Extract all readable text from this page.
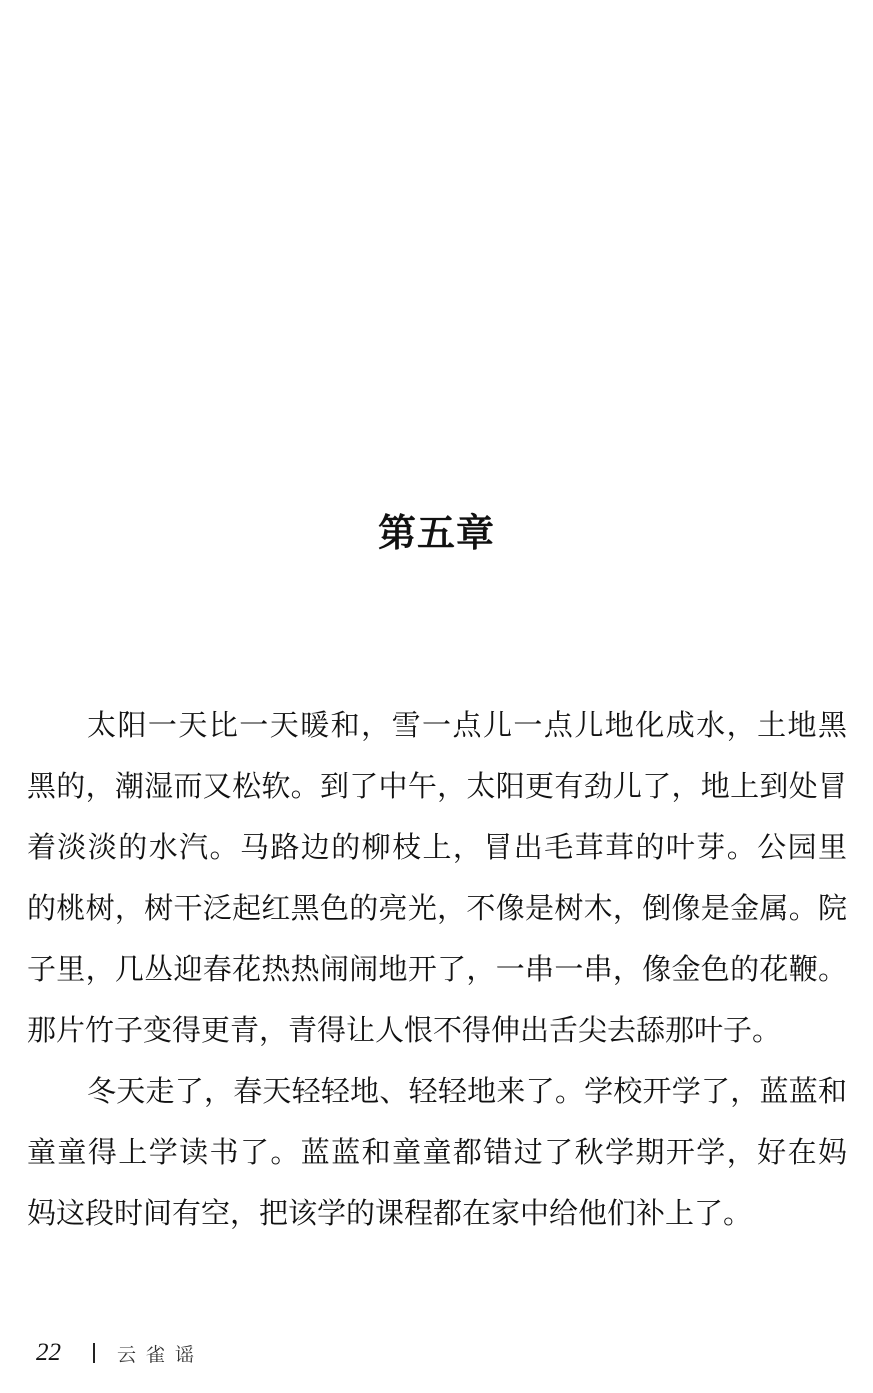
第五章
太阳一天比一天暖和，雪一点儿一点儿地化成水，土地黑
黑的，潮湿而又松软。到了中午，太阳更有劲儿了，地上到处冒
着淡淡的水汽。马路边的柳枝上，冒出毛茸茸的叶芽。公园里
的桃树，树干泛起红黑色的亮光，不像是树木，倒像是金属。院
子里，几丛迎春花热热闹闹地开了，一串一串，像金色的花鞭。
那片竹子变得更青，青得让人恨不得伸出舌尖去舔那叶子。
冬天走了，春天轻轻地、轻轻地来了。学校开学了，蓝蓝和
童童得上学读书了。蓝蓝和童童都错过了秋学期开学，好在妈
妈这段时间有空，把该学的课程都在家中给他们补上了。
22	云雀谣
